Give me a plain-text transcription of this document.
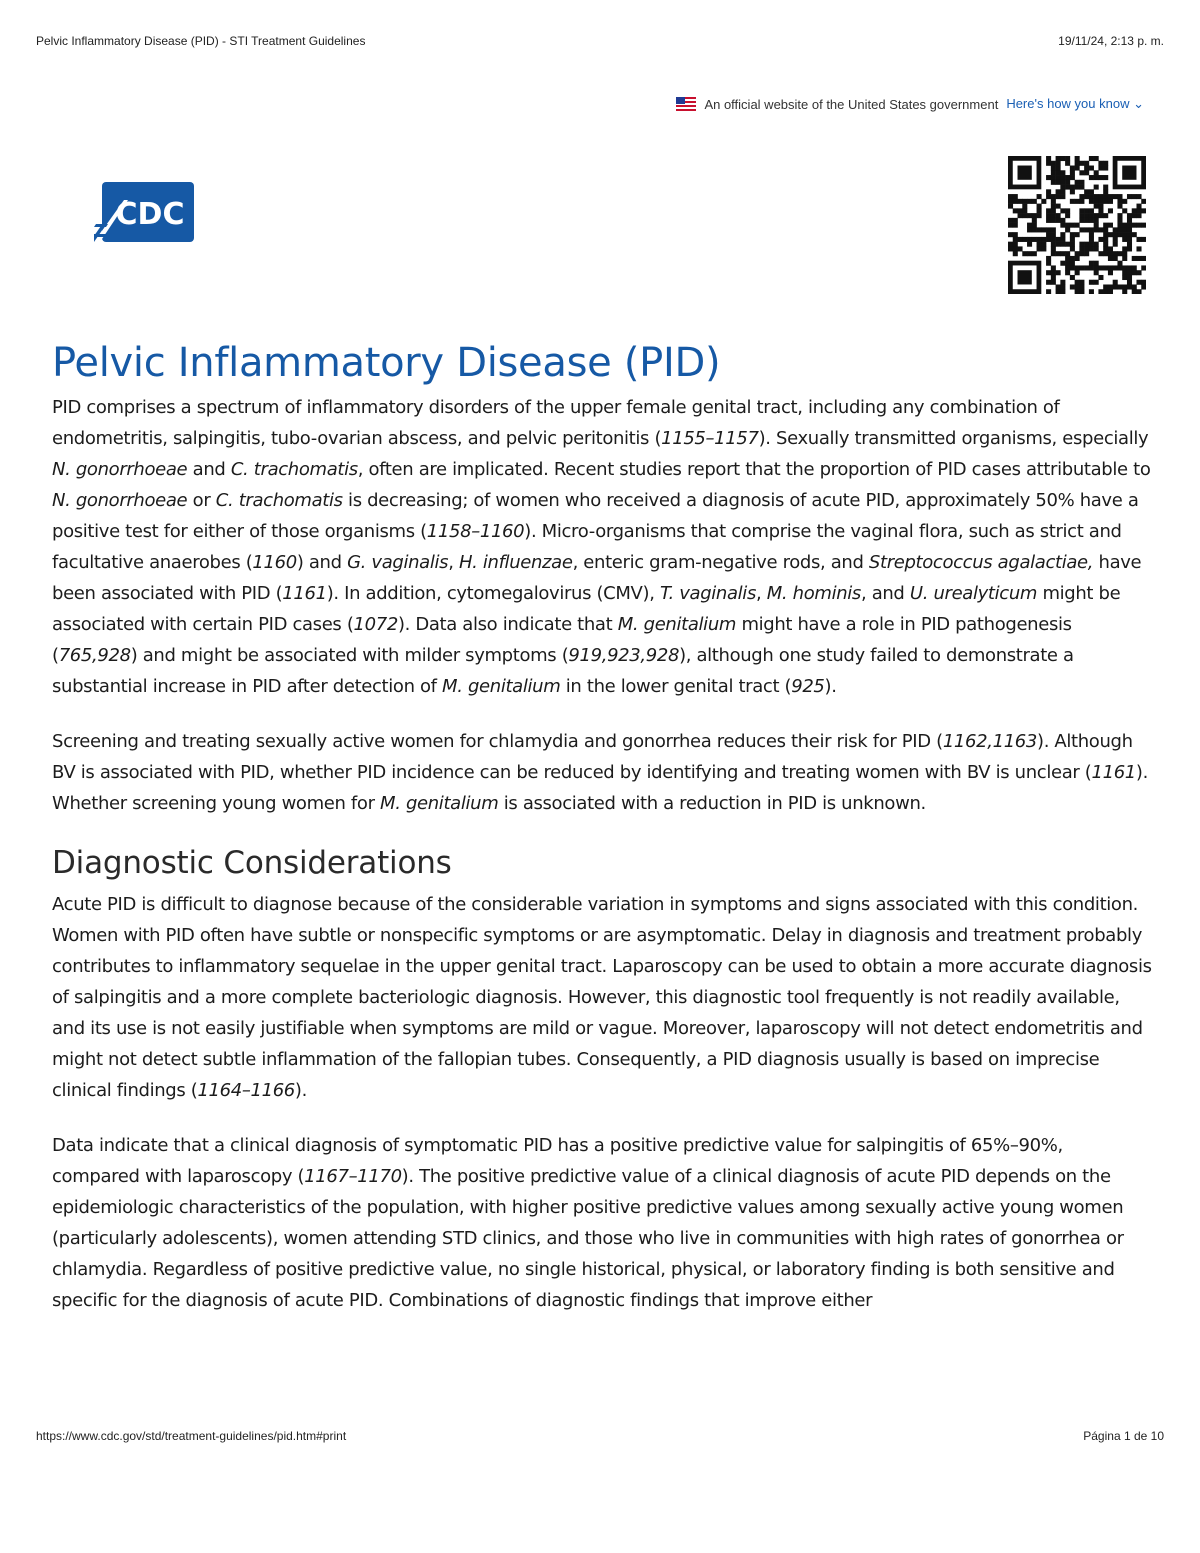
Pelvic Inflammatory Disease (PID) - STI Treatment Guidelines	19/11/24, 2:13 p. m.
An official website of the United States government Here's how you know ⌄
CDC
Pelvic Inflammatory Disease (PID)

PID comprises a spectrum of inflammatory disorders of the upper female genital tract, including any combination of endometritis, salpingitis, tubo-ovarian abscess, and pelvic peritonitis (1155–1157). Sexually transmitted organisms, especially N. gonorrhoeae and C. trachomatis, often are implicated. Recent studies report that the proportion of PID cases attributable to N. gonorrhoeae or C. trachomatis is decreasing; of women who received a diagnosis of acute PID, approximately 50% have a positive test for either of those organisms (1158–1160). Micro-organisms that comprise the vaginal flora, such as strict and facultative anaerobes (1160) and G. vaginalis, H. influenzae, enteric gram-negative rods, and Streptococcus agalactiae, have been associated with PID (1161). In addition, cytomegalovirus (CMV), T. vaginalis, M. hominis, and U. urealyticum might be associated with certain PID cases (1072). Data also indicate that M. genitalium might have a role in PID pathogenesis (765,928) and might be associated with milder symptoms (919,923,928), although one study failed to demonstrate a substantial increase in PID after detection of M. genitalium in the lower genital tract (925).

Screening and treating sexually active women for chlamydia and gonorrhea reduces their risk for PID (1162,1163). Although BV is associated with PID, whether PID incidence can be reduced by identifying and treating women with BV is unclear (1161). Whether screening young women for M. genitalium is associated with a reduction in PID is unknown.

Diagnostic Considerations

Acute PID is difficult to diagnose because of the considerable variation in symptoms and signs associated with this condition. Women with PID often have subtle or nonspecific symptoms or are asymptomatic. Delay in diagnosis and treatment probably contributes to inflammatory sequelae in the upper genital tract. Laparoscopy can be used to obtain a more accurate diagnosis of salpingitis and a more complete bacteriologic diagnosis. However, this diagnostic tool frequently is not readily available, and its use is not easily justifiable when symptoms are mild or vague. Moreover, laparoscopy will not detect endometritis and might not detect subtle inflammation of the fallopian tubes. Consequently, a PID diagnosis usually is based on imprecise clinical findings (1164–1166).

Data indicate that a clinical diagnosis of symptomatic PID has a positive predictive value for salpingitis of 65%–90%, compared with laparoscopy (1167–1170). The positive predictive value of a clinical diagnosis of acute PID depends on the epidemiologic characteristics of the population, with higher positive predictive values among sexually active young women (particularly adolescents), women attending STD clinics, and those who live in communities with high rates of gonorrhea or chlamydia. Regardless of positive predictive value, no single historical, physical, or laboratory finding is both sensitive and specific for the diagnosis of acute PID. Combinations of diagnostic findings that improve either

https://www.cdc.gov/std/treatment-guidelines/pid.htm#print	Página 1 de 10
